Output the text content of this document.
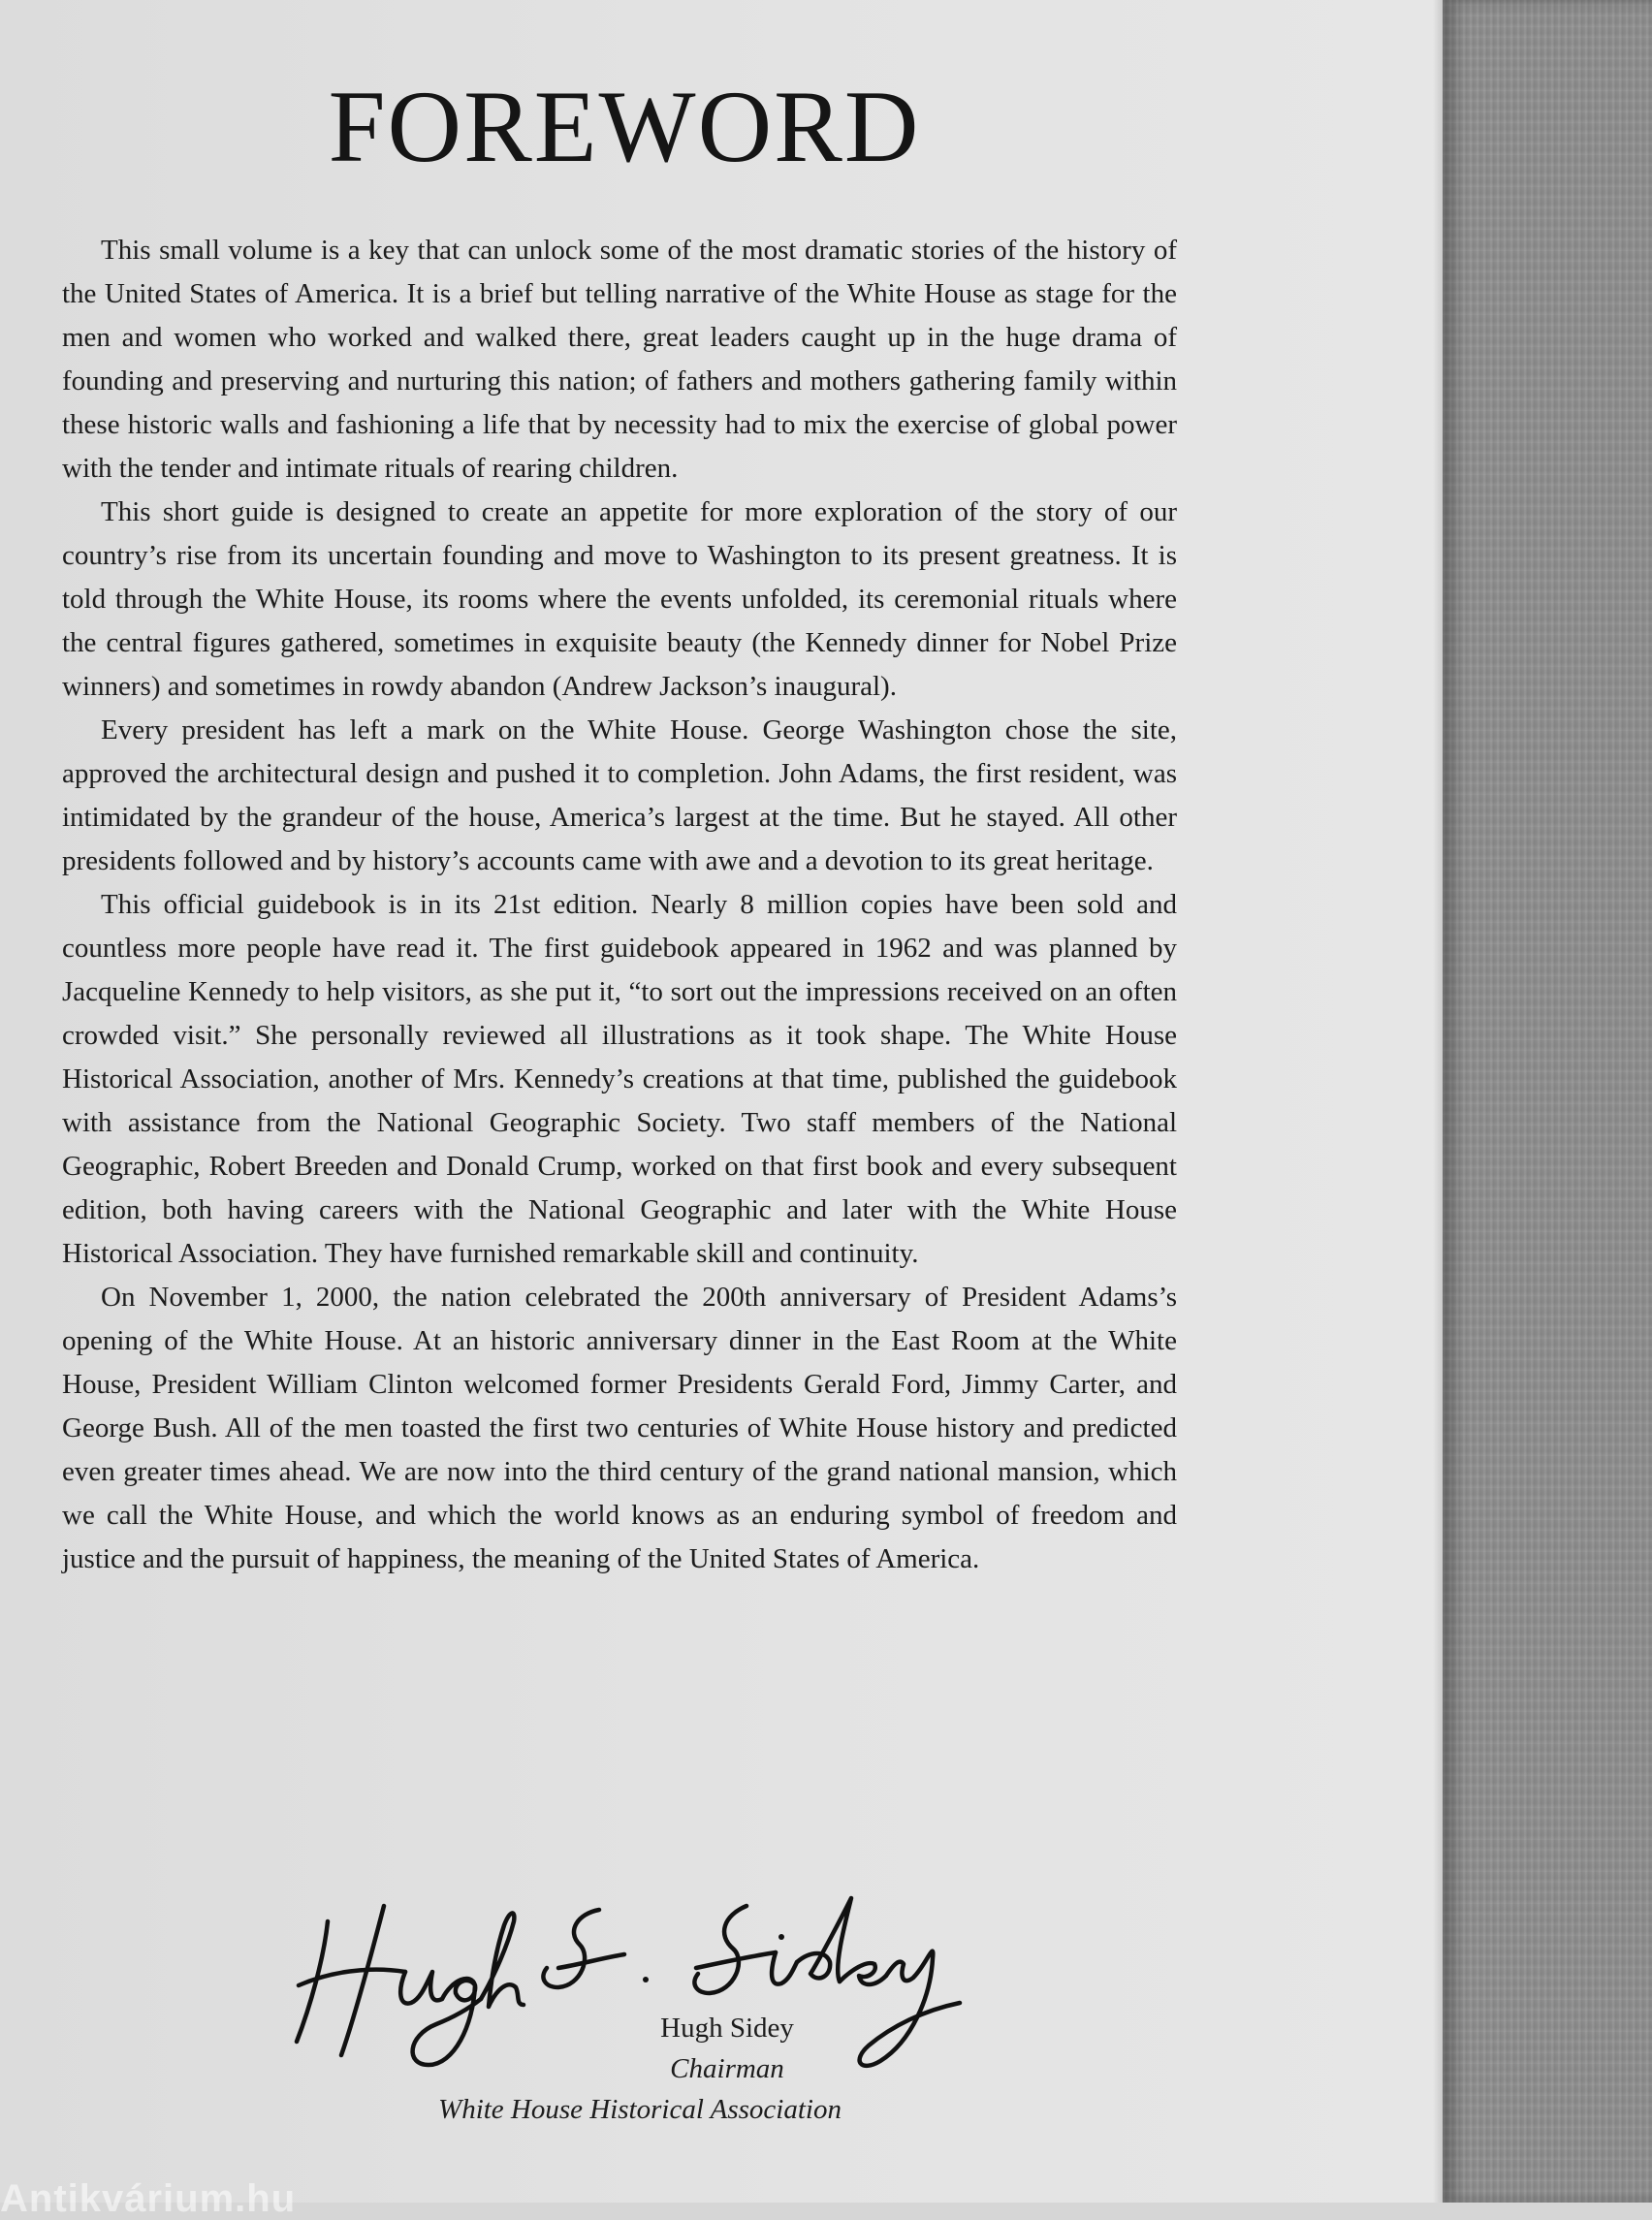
FOREWORD

This small volume is a key that can unlock some of the most dramatic stories of the history of the United States of America. It is a brief but telling narrative of the White House as stage for the men and women who worked and walked there, great leaders caught up in the huge drama of founding and preserving and nurturing this nation; of fathers and mothers gathering family within these historic walls and fashioning a life that by necessity had to mix the exercise of global power with the tender and intimate rituals of rearing children.

This short guide is designed to create an appetite for more exploration of the story of our country’s rise from its uncertain founding and move to Washington to its present greatness. It is told through the White House, its rooms where the events unfolded, its ceremonial rituals where the central figures gathered, sometimes in exquisite beauty (the Kennedy dinner for Nobel Prize winners) and sometimes in rowdy abandon (Andrew Jackson’s inaugural).

Every president has left a mark on the White House. George Washington chose the site, approved the architectural design and pushed it to completion. John Adams, the first resident, was intimidated by the grandeur of the house, America’s largest at the time. But he stayed. All other presidents followed and by history’s accounts came with awe and a devotion to its great heritage.

This official guidebook is in its 21st edition. Nearly 8 million copies have been sold and countless more people have read it. The first guidebook appeared in 1962 and was planned by Jacqueline Kennedy to help visitors, as she put it, “to sort out the impressions received on an often crowded visit.” She personally reviewed all illustrations as it took shape. The White House Historical Association, another of Mrs. Kennedy’s creations at that time, published the guidebook with assistance from the National Geographic Society. Two staff members of the National Geographic, Robert Breeden and Donald Crump, worked on that first book and every subsequent edition, both having careers with the National Geographic and later with the White House Historical Association. They have furnished remarkable skill and continuity.

On November 1, 2000, the nation celebrated the 200th anniversary of President Adams’s opening of the White House. At an historic anniversary dinner in the East Room at the White House, President William Clinton welcomed former Presidents Gerald Ford, Jimmy Carter, and George Bush. All of the men toasted the first two centuries of White House history and predicted even greater times ahead. We are now into the third century of the grand national mansion, which we call the White House, and which the world knows as an enduring symbol of freedom and justice and the pursuit of happiness, the meaning of the United States of America.

Hugh Sidey
Chairman
White House Historical Association
Antikvárium.hu
